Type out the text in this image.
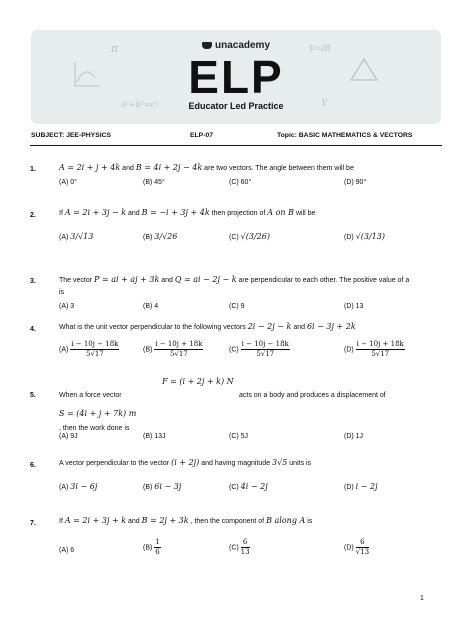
π	V=IR
a²+b²=c²	γ
unacademy
ELP
Educator Led Practice
SUBJECT: JEE-PHYSICS	ELP-07	Topic: BASIC MATHEMATICS & VECTORS
1.	A = 2i + j + 4k and B = 4i + 2j − 4k are two vectors. The angle between them will be
(A) 0°	(B) 45°	(C) 60°	(D) 90°
2.	If A = 2i + 3j − k and B = −i + 3j + 4k then projection of A on B will be
(A) 3/√13	(B) 3/√26	(C) √(3/26)	(D) √(3/13)
3.	The vector P = ai + aj + 3k and Q = ai − 2j − k are perpendicular to each other. The positive value of a
is
(A) 3	(B) 4	(C) 9	(D) 13
4.	What is the unit vector perpendicular to the following vectors 2i − 2j − k and 6i − 3j + 2k
$(A) \frac{i - 10j - 18k}{5√17}$	$(B) \frac{i - 10j + 18k}{5√17}$	$(C) \frac{i - 10j - 18k}{5√17}$	$(D) \frac{i - 10j + 18k}{5√17}$
5.	When a force vector
F = (i + 2j + k) N
acts on a body and produces a displacement of
S = (4i + j + 7k) m
, then the work done is
(A) 9J	(B) 13J	(C) 5J	(D) 1J
6.	A vector perpendicular to the vector (i + 2j) and having magnitude 3√5 units is
(A) 3i − 6j	(B) 6i − 3j	(C) 4i − 2j	(D) i − 2j
7.	If A = 2i + 3j + k and B = 2j + 3k , then the component of B along A is
(A) 6	$(B) \frac{1}{6}$	$(C) \frac{6}{13}$	$(D) \frac{6}{√13}$
1
